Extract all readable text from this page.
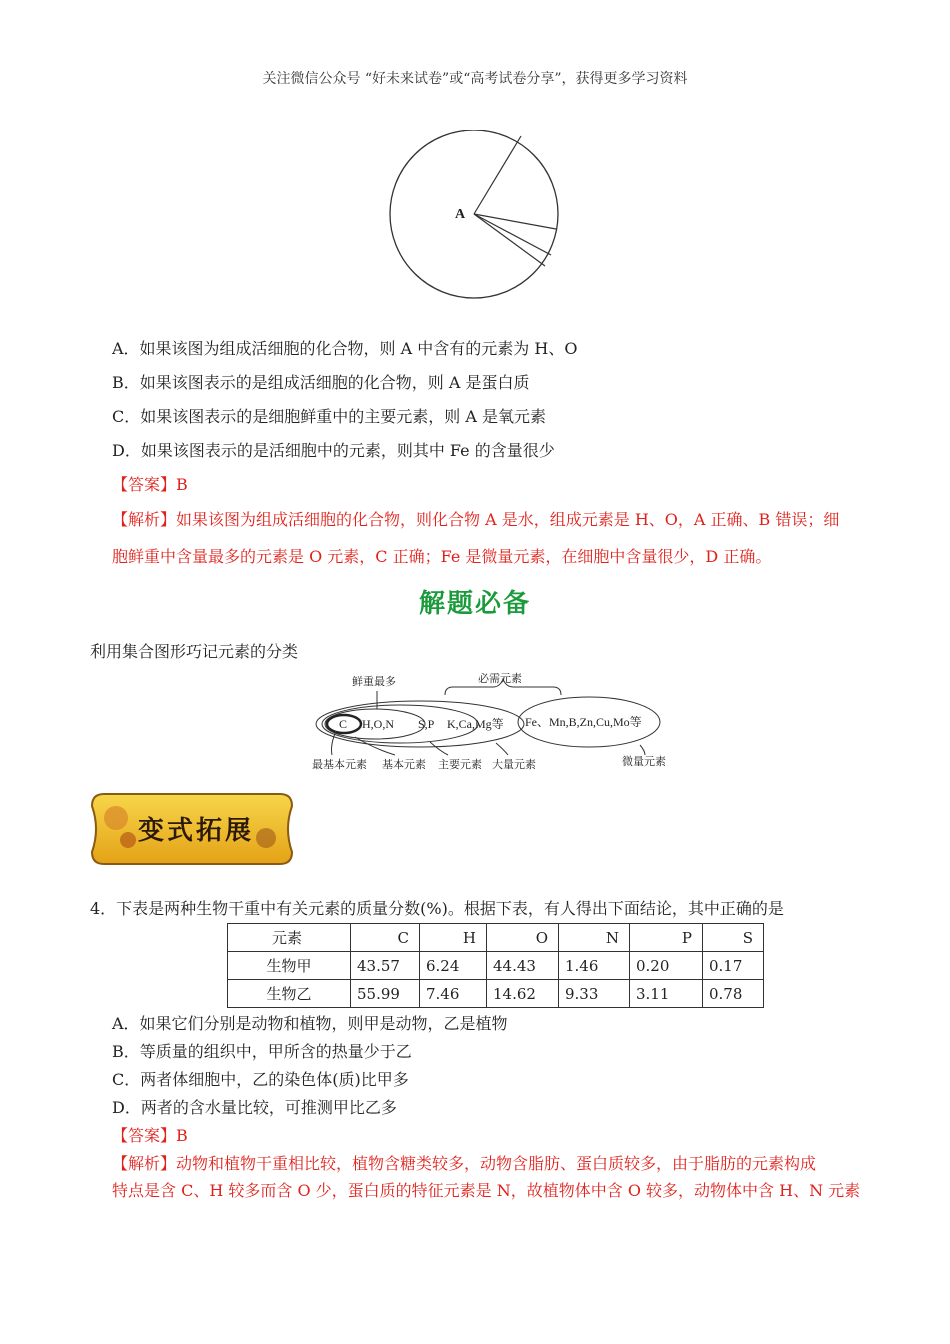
关注微信公众号 “好未来试卷”或“高考试卷分享”，获得更多学习资料
A
A．如果该图为组成活细胞的化合物，则 A 中含有的元素为 H、O
B．如果该图表示的是组成活细胞的化合物，则 A 是蛋白质
C．如果该图表示的是细胞鲜重中的主要元素，则 A 是氧元素
D．如果该图表示的是活细胞中的元素，则其中 Fe 的含量很少
【答案】B
【解析】如果该图为组成活细胞的化合物，则化合物 A 是水，组成元素是 H、O，A 正确、B 错误；细
胞鲜重中含量最多的元素是 O 元素，C 正确；Fe 是微量元素，在细胞中含量很少，D 正确。
解题必备
利用集合图形巧记元素的分类
鲜重最多	必需元素
C H,O,N S,P K,Ca,Mg等 Fe、Mn,B,Zn,Cu,Mo等
最基本元素 基本元素 主要元素 大量元素	微量元素
变式拓展
4．下表是两种生物干重中有关元素的质量分数(%)。根据下表，有人得出下面结论，其中正确的是
元素	C	H	O	N	P	S
生物甲	43.57	6.24	44.43	1.46	0.20	0.17
生物乙	55.99	7.46	14.62	9.33	3.11	0.78
A．如果它们分别是动物和植物，则甲是动物，乙是植物
B．等质量的组织中，甲所含的热量少于乙
C．两者体细胞中，乙的染色体(质)比甲多
D．两者的含水量比较，可推测甲比乙多
【答案】B
【解析】动物和植物干重相比较，植物含糖类较多，动物含脂肪、蛋白质较多，由于脂肪的元素构成
特点是含 C、H 较多而含 O 少，蛋白质的特征元素是 N，故植物体中含 O 较多，动物体中含 H、N 元素
